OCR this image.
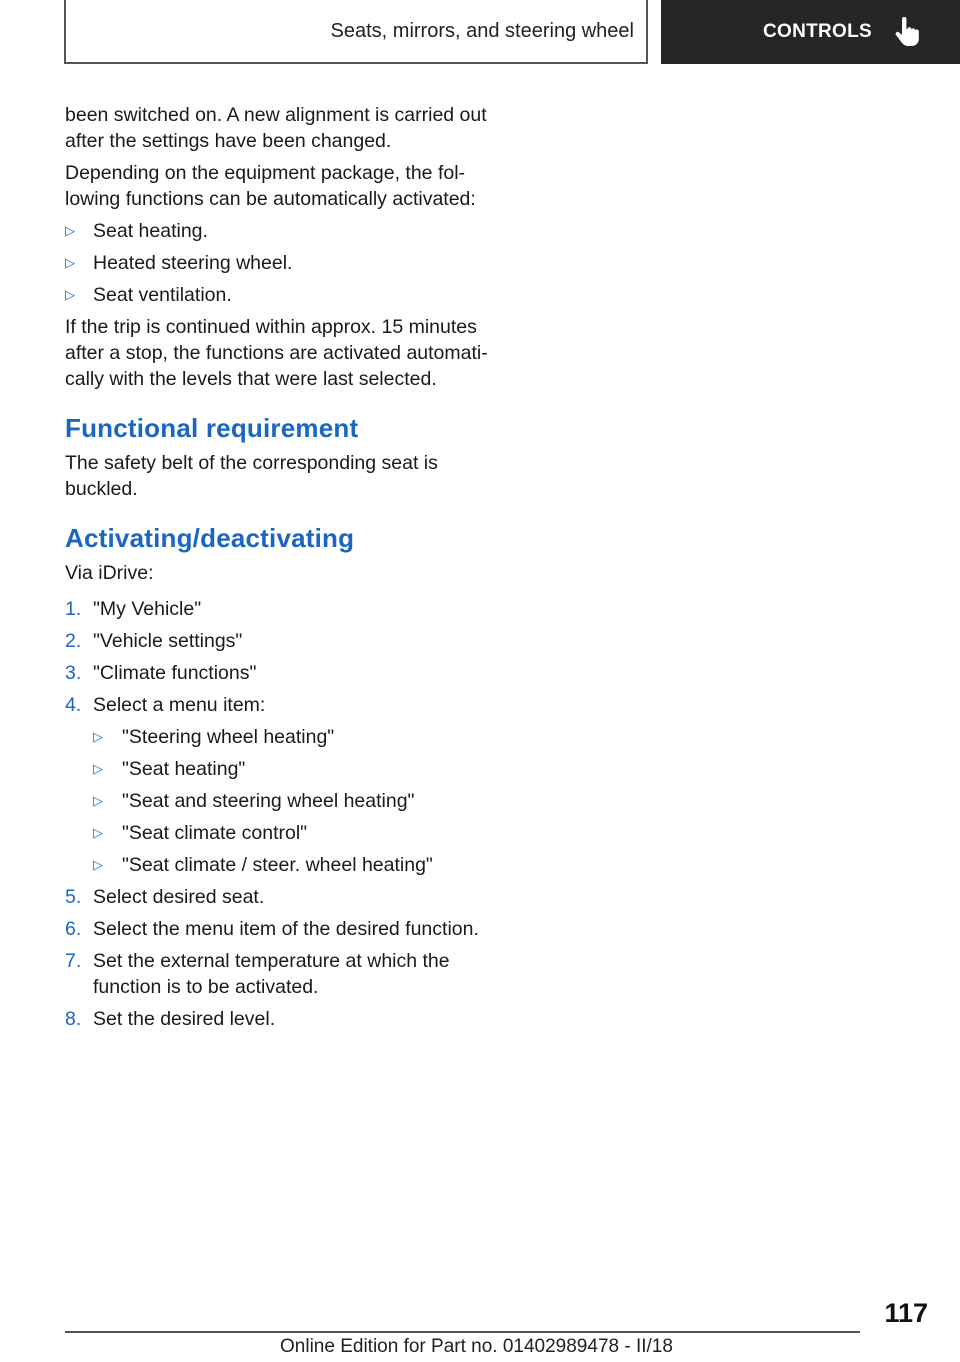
Seats, mirrors, and steering wheel	CONTROLS

been switched on. A new alignment is carried out after the settings have been changed.

Depending on the equipment package, the fol-lowing functions can be automatically activated:

▷ Seat heating.
▷ Heated steering wheel.
▷ Seat ventilation.

If the trip is continued within approx. 15 minutes after a stop, the functions are activated automati-cally with the levels that were last selected.

Functional requirement

The safety belt of the corresponding seat is buckled.

Activating/deactivating

Via iDrive:

1. "My Vehicle"
2. "Vehicle settings"
3. "Climate functions"
4. Select a menu item:
▷ "Steering wheel heating"
▷ "Seat heating"
▷ "Seat and steering wheel heating"
▷ "Seat climate control"
▷ "Seat climate / steer. wheel heating"
5. Select desired seat.
6. Select the menu item of the desired function.
7. Set the external temperature at which the function is to be activated.
8. Set the desired level.
117
Online Edition for Part no. 01402989478 - II/18
